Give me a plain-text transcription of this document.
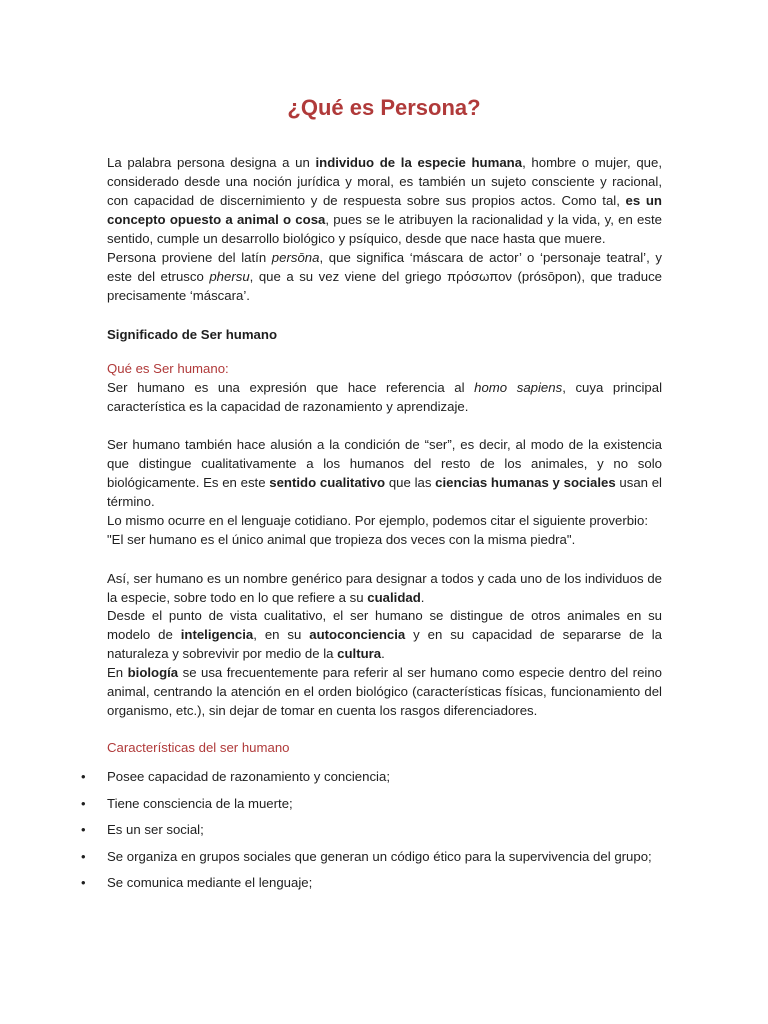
¿Qué es Persona?
La palabra persona designa a un individuo de la especie humana, hombre o mujer, que, considerado desde una noción jurídica y moral, es también un sujeto consciente y racional, con capacidad de discernimiento y de respuesta sobre sus propios actos. Como tal, es un concepto opuesto a animal o cosa, pues se le atribuyen la racionalidad y la vida, y, en este sentido, cumple un desarrollo biológico y psíquico, desde que nace hasta que muere.
Persona proviene del latín persōna, que significa ‘máscara de actor’ o ‘personaje teatral’, y este del etrusco phersu, que a su vez viene del griego πρόσωπον (prósōpon), que traduce precisamente ‘máscara’.
Significado de Ser humano
Qué es Ser humano:
Ser humano es una expresión que hace referencia al homo sapiens, cuya principal característica es la capacidad de razonamiento y aprendizaje.
Ser humano también hace alusión a la condición de “ser”, es decir, al modo de la existencia que distingue cualitativamente a los humanos del resto de los animales, y no solo biológicamente. Es en este sentido cualitativo que las ciencias humanas y sociales usan el término.
Lo mismo ocurre en el lenguaje cotidiano. Por ejemplo, podemos citar el siguiente proverbio:
"El ser humano es el único animal que tropieza dos veces con la misma piedra".
Así, ser humano es un nombre genérico para designar a todos y cada uno de los individuos de la especie, sobre todo en lo que refiere a su cualidad.
Desde el punto de vista cualitativo, el ser humano se distingue de otros animales en su modelo de inteligencia, en su autoconciencia y en su capacidad de separarse de la naturaleza y sobrevivir por medio de la cultura.
En biología se usa frecuentemente para referir al ser humano como especie dentro del reino animal, centrando la atención en el orden biológico (características físicas, funcionamiento del organismo, etc.), sin dejar de tomar en cuenta los rasgos diferenciadores.
Características del ser humano
• Posee capacidad de razonamiento y conciencia;
• Tiene consciencia de la muerte;
• Es un ser social;
• Se organiza en grupos sociales que generan un código ético para la supervivencia del grupo;
• Se comunica mediante el lenguaje;
